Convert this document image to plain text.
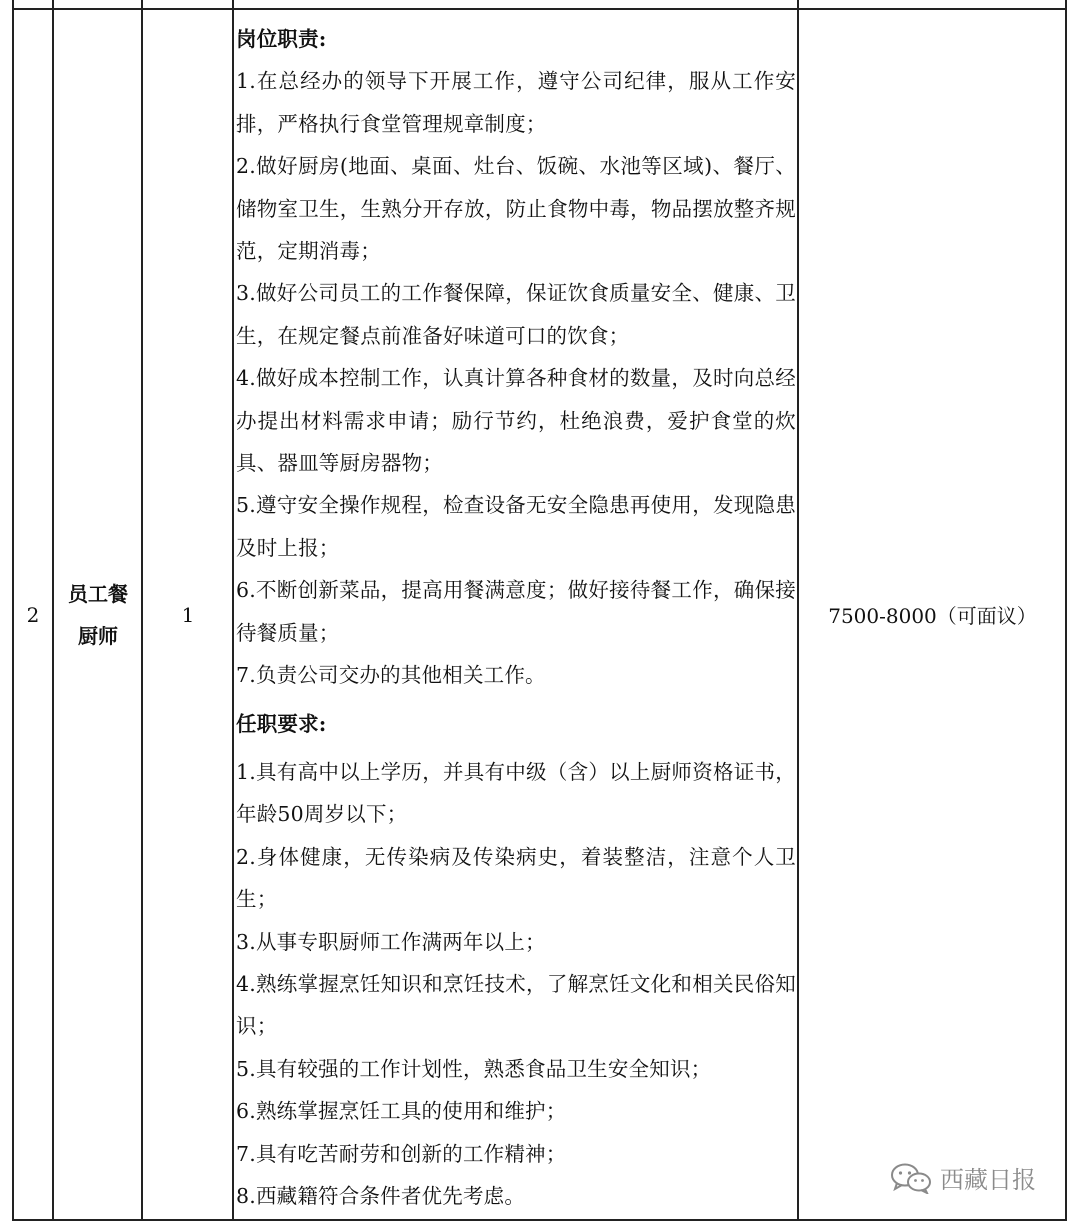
2
员工餐
厨师
1
岗位职责:
1.在总经办的领导下开展工作，遵守公司纪律，服从工作安排，严格执行食堂管理规章制度；
2.做好厨房(地面、桌面、灶台、饭碗、水池等区域)、餐厅、储物室卫生，生熟分开存放，防止食物中毒，物品摆放整齐规范，定期消毒；
3.做好公司员工的工作餐保障，保证饮食质量安全、健康、卫生，在规定餐点前准备好味道可口的饮食；
4.做好成本控制工作，认真计算各种食材的数量，及时向总经办提出材料需求申请；励行节约，杜绝浪费，爱护食堂的炊具、器皿等厨房器物；
5.遵守安全操作规程，检查设备无安全隐患再使用，发现隐患及时上报；
6.不断创新菜品，提高用餐满意度；做好接待餐工作，确保接待餐质量；
7.负责公司交办的其他相关工作。
任职要求:
1.具有高中以上学历，并具有中级（含）以上厨师资格证书，年龄50周岁以下；
2.身体健康，无传染病及传染病史，着装整洁，注意个人卫生；
3.从事专职厨师工作满两年以上；
4.熟练掌握烹饪知识和烹饪技术，了解烹饪文化和相关民俗知识；
5.具有较强的工作计划性，熟悉食品卫生安全知识；
6.熟练掌握烹饪工具的使用和维护；
7.具有吃苦耐劳和创新的工作精神；
8.西藏籍符合条件者优先考虑。
7500-8000（可面议）
西藏日报
